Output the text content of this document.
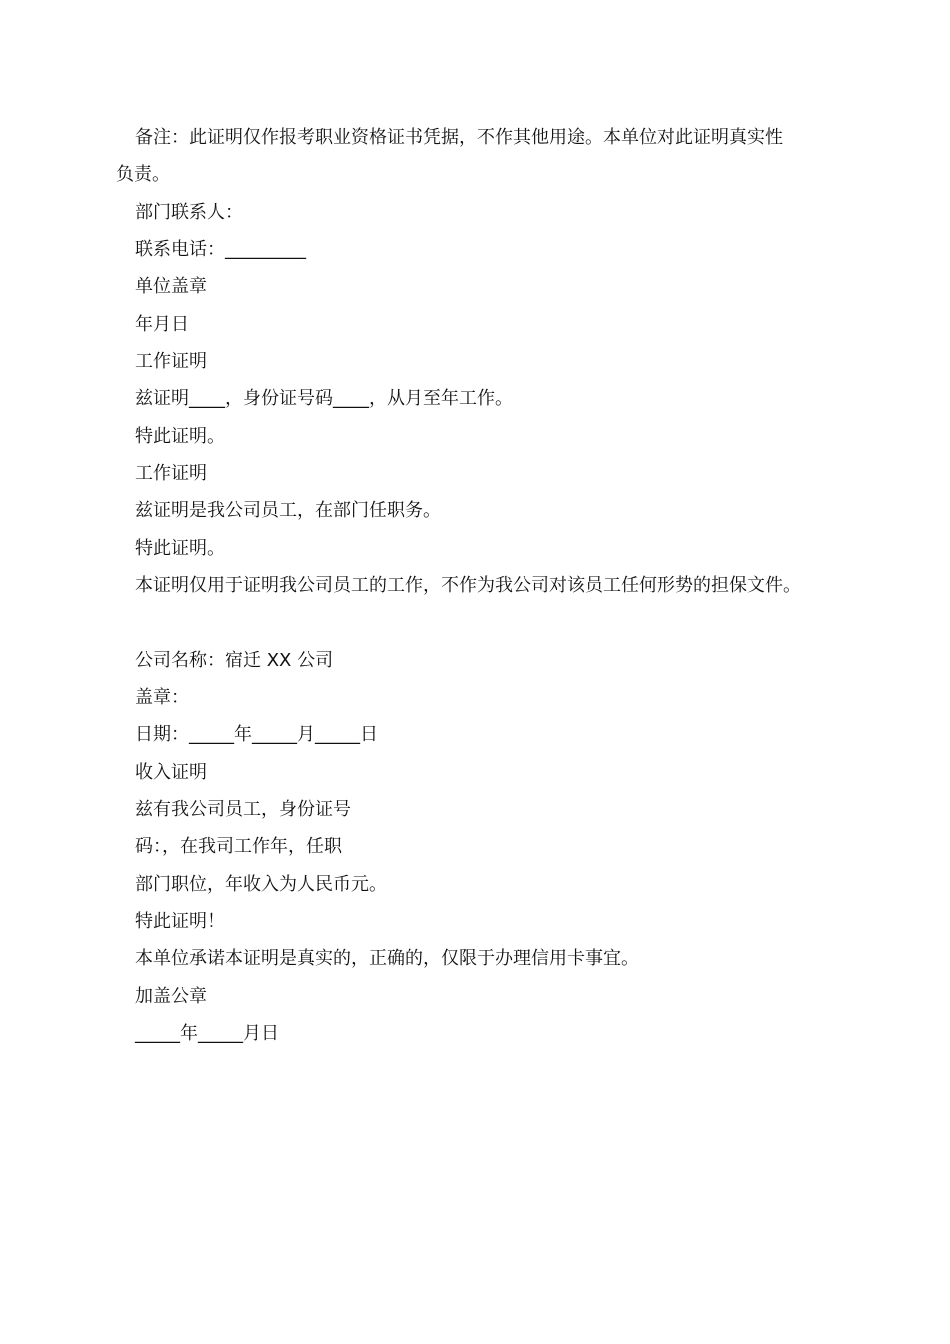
备注：此证明仅作报考职业资格证书凭据，不作其他用途。本单位对此证明真实性
负责。
部门联系人：
联系电话：_________
单位盖章
年月日
工作证明
兹证明____，身份证号码____，从月至年工作。
特此证明。
工作证明
兹证明是我公司员工，在部门任职务。
特此证明。
本证明仅用于证明我公司员工的工作，不作为我公司对该员工任何形势的担保文件。
公司名称：宿迁 XX 公司
盖章：
日期：_____年_____月_____日
收入证明
兹有我公司员工，身份证号
码：，在我司工作年，任职
部门职位，年收入为人民币元。
特此证明！
本单位承诺本证明是真实的，正确的，仅限于办理信用卡事宜。
加盖公章
_____年_____月日
